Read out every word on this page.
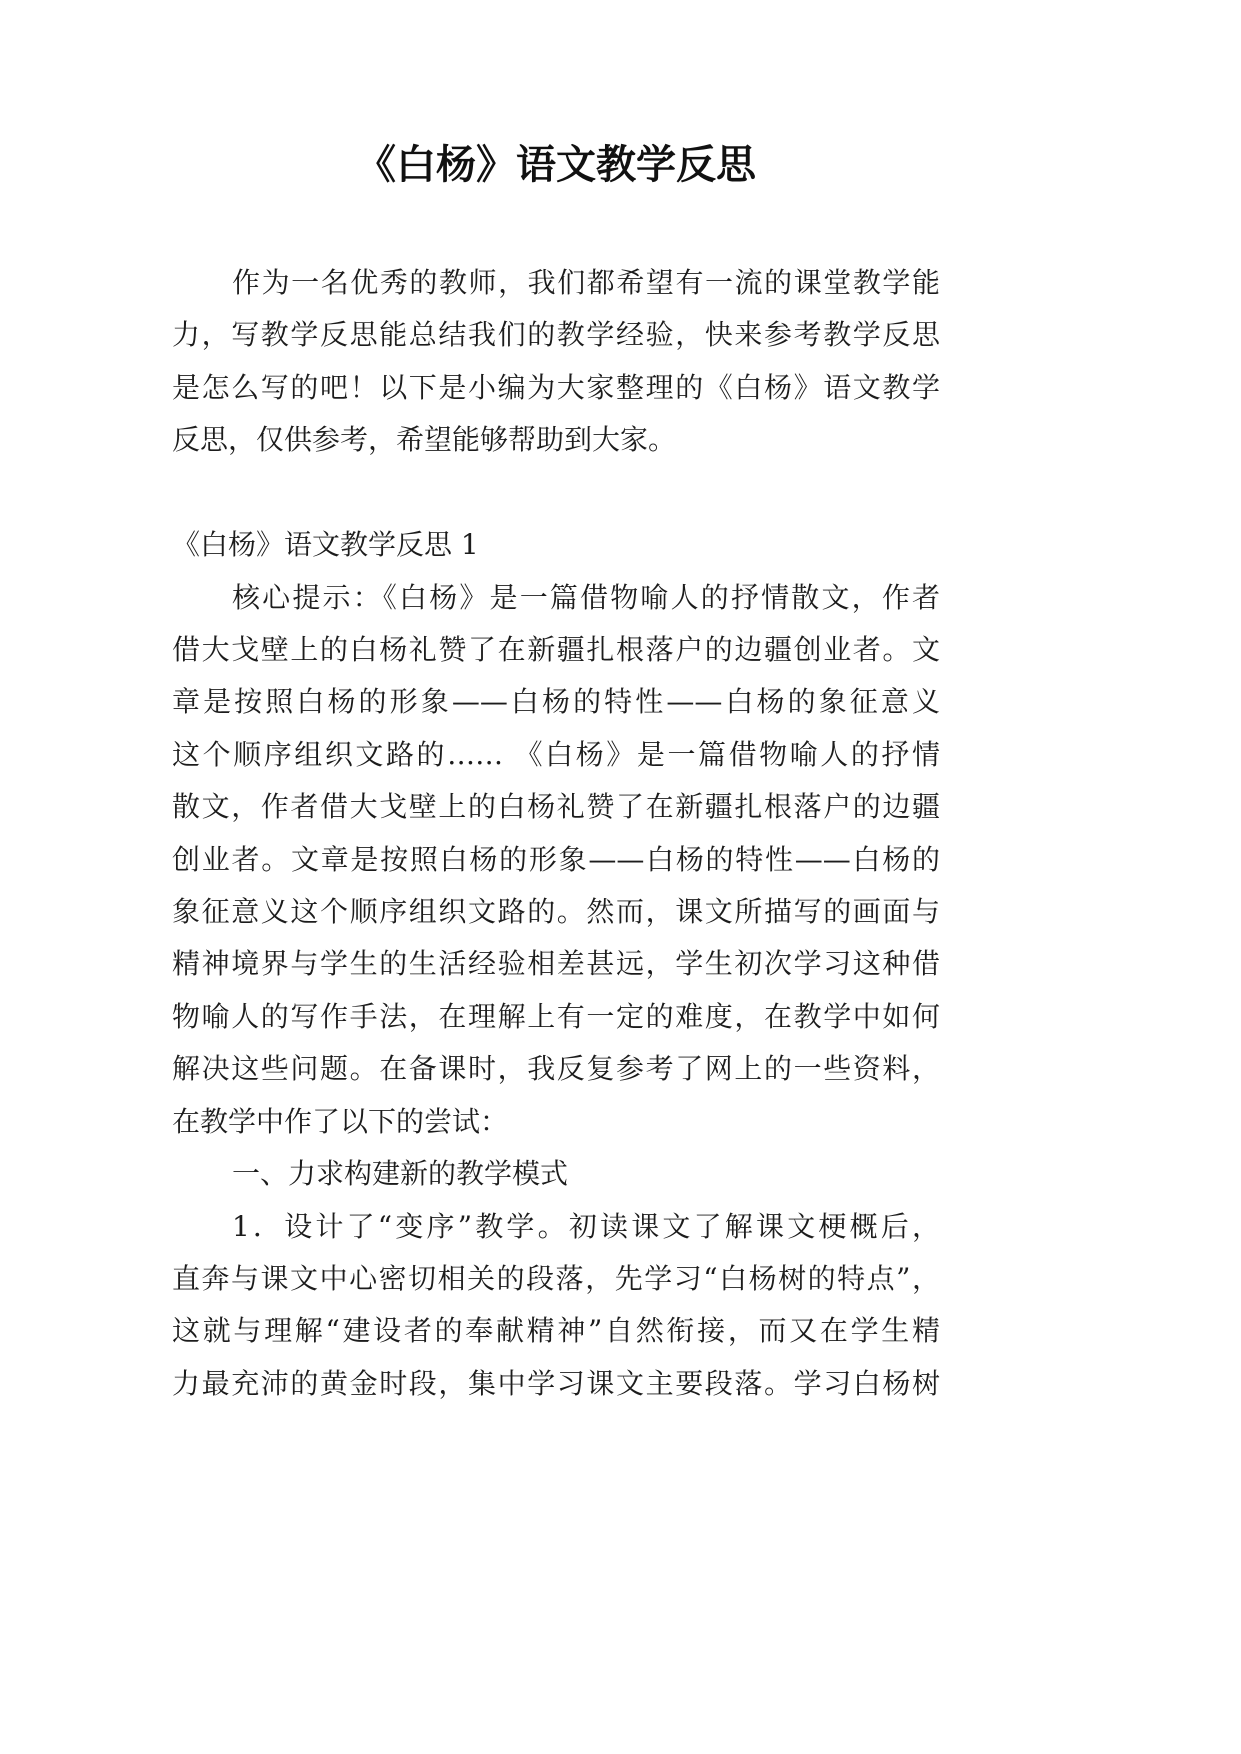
《白杨》语文教学反思
作为一名优秀的教师，我们都希望有一流的课堂教学能
力，写教学反思能总结我们的教学经验，快来参考教学反思
是怎么写的吧！以下是小编为大家整理的《白杨》语文教学
反思，仅供参考，希望能够帮助到大家。
《白杨》语文教学反思 1
核心提示：《白杨》是一篇借物喻人的抒情散文，作者
借大戈壁上的白杨礼赞了在新疆扎根落户的边疆创业者。文
章是按照白杨的形象——白杨的特性——白杨的象征意义
这个顺序组织文路的…… 《白杨》是一篇借物喻人的抒情
散文，作者借大戈壁上的白杨礼赞了在新疆扎根落户的边疆
创业者。文章是按照白杨的形象——白杨的特性——白杨的
象征意义这个顺序组织文路的。然而，课文所描写的画面与
精神境界与学生的生活经验相差甚远，学生初次学习这种借
物喻人的写作手法，在理解上有一定的难度，在教学中如何
解决这些问题。在备课时，我反复参考了网上的一些资料，
在教学中作了以下的尝试：
一、力求构建新的教学模式
1．设计了“变序”教学。初读课文了解课文梗概后，
直奔与课文中心密切相关的段落，先学习“白杨树的特点”，
这就与理解“建设者的奉献精神”自然衔接，而又在学生精
力最充沛的黄金时段，集中学习课文主要段落。学习白杨树
